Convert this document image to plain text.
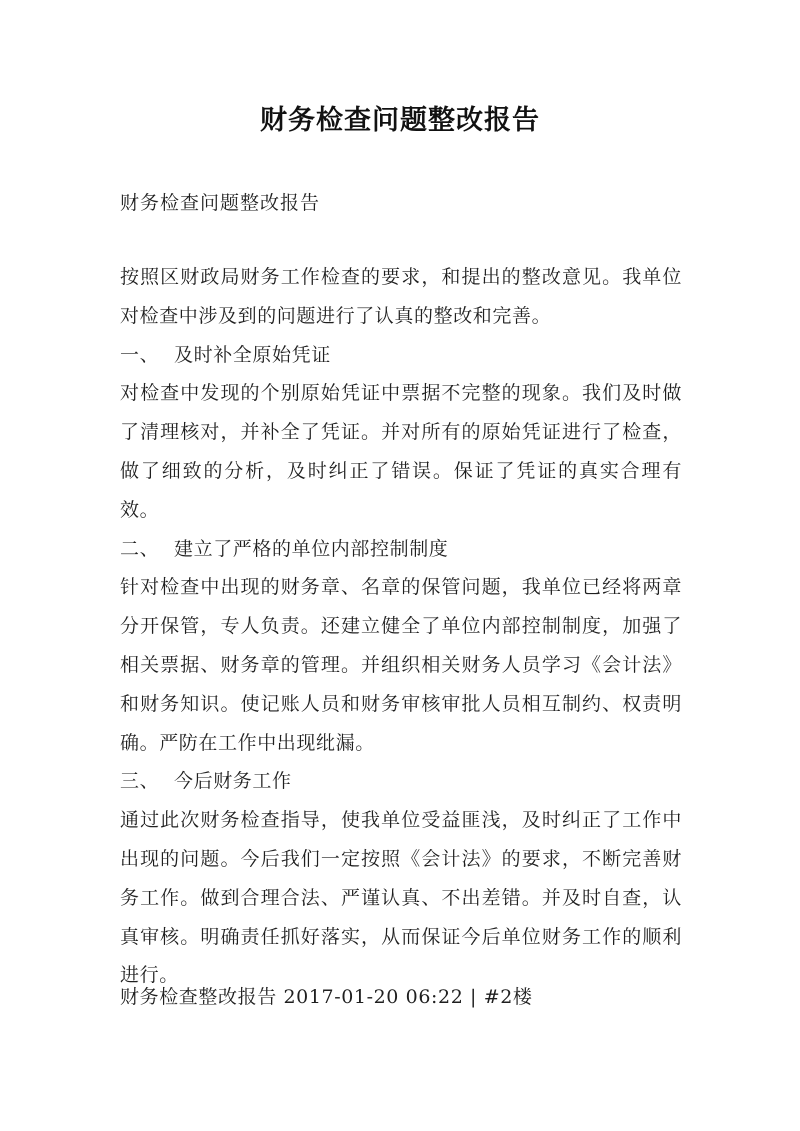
财务检查问题整改报告

财务检查问题整改报告

按照区财政局财务工作检查的要求，和提出的整改意见。我单位对检查中涉及到的问题进行了认真的整改和完善。

一、 及时补全原始凭证

对检查中发现的个别原始凭证中票据不完整的现象。我们及时做了清理核对，并补全了凭证。并对所有的原始凭证进行了检查，做了细致的分析，及时纠正了错误。保证了凭证的真实合理有效。

二、 建立了严格的单位内部控制制度

针对检查中出现的财务章、名章的保管问题，我单位已经将两章分开保管，专人负责。还建立健全了单位内部控制制度，加强了相关票据、财务章的管理。并组织相关财务人员学习《会计法》和财务知识。使记账人员和财务审核审批人员相互制约、权责明确。严防在工作中出现纰漏。

三、 今后财务工作

通过此次财务检查指导，使我单位受益匪浅，及时纠正了工作中出现的问题。今后我们一定按照《会计法》的要求，不断完善财务工作。做到合理合法、严谨认真、不出差错。并及时自查，认真审核。明确责任抓好落实，从而保证今后单位财务工作的顺利进行。

财务检查整改报告 2017-01-20 06:22 | #2楼
